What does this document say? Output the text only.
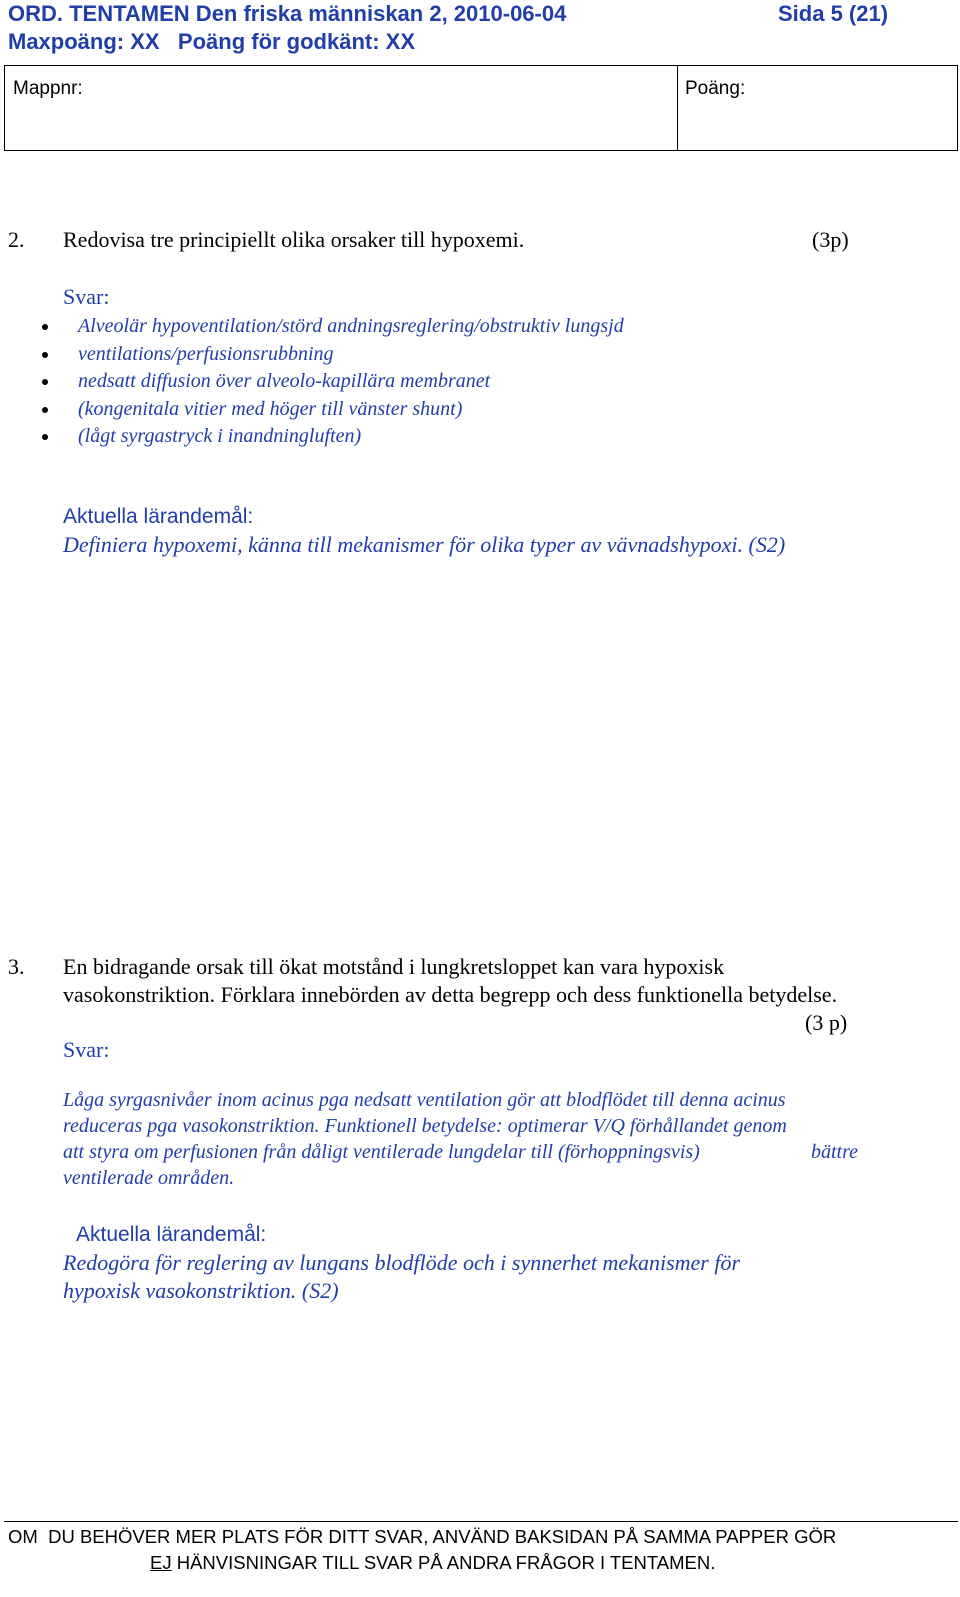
ORD. TENTAMEN Den friska människan 2, 2010-06-04	Sida 5 (21)
Maxpoäng: XX   Poäng för godkänt: XX
Mappnr:	Poäng:
2. Redovisa tre principiellt olika orsaker till hypoxemi.	(3p)
Svar:
Alveolär hypoventilation/störd andningsreglering/obstruktiv lungsjd
ventilations/perfusionsrubbning
nedsatt diffusion över alveolo-kapillära membranet
(kongenitala vitier med höger till vänster shunt)
(lågt syrgastryck i inandningluften)
Aktuella lärandemål:
Definiera hypoxemi, känna till mekanismer för olika typer av vävnadshypoxi. (S2)
3. En bidragande orsak till ökat motstånd i lungkretsloppet kan vara hypoxisk
vasokonstriktion. Förklara innebörden av detta begrepp och dess funktionella betydelse.
(3 p)
Svar:
Låga syrgasnivåer inom acinus pga nedsatt ventilation gör att blodflödet till denna acinus
reduceras pga vasokonstriktion. Funktionell betydelse: optimerar V/Q förhållandet genom
att styra om perfusionen från dåligt ventilerade lungdelar till (förhoppningsvis)	bättre
ventilerade områden.
Aktuella lärandemål:
Redogöra för reglering av lungans blodflöde och i synnerhet mekanismer för
hypoxisk vasokonstriktion. (S2)
OM  DU BEHÖVER MER PLATS FÖR DITT SVAR, ANVÄND BAKSIDAN PÅ SAMMA PAPPER GÖR
EJ HÄNVISNINGAR TILL SVAR PÅ ANDRA FRÅGOR I TENTAMEN.
